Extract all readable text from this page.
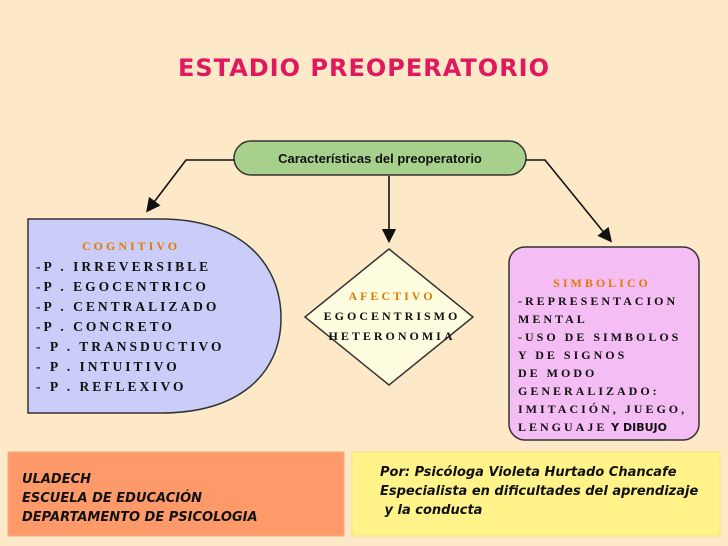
ESTADIO PREOPERATORIO
Características del preoperatorio
COGNITIVO
-P . IRREVERSIBLE
-P . EGOCENTRICO
-P . CENTRALIZADO
-P . CONCRETO
- P . TRANSDUCTIVO
- P . INTUITIVO
- P . REFLEXIVO
AFECTIVO
EGOCENTRISMO
HETERONOMIA
SIMBOLICO
-REPRESENTACION
MENTAL
-USO DE SIMBOLOS
Y DE SIGNOS
DE MODO
GENERALIZADO:
IMITACIÓN, JUEGO,
LENGUAJE Y DIBUJO
ULADECH
ESCUELA DE EDUCACIÓN
DEPARTAMENTO DE PSICOLOGIA
Por: Psicóloga Violeta Hurtado Chancafe
Especialista en dificultades del aprendizaje
y la conducta
